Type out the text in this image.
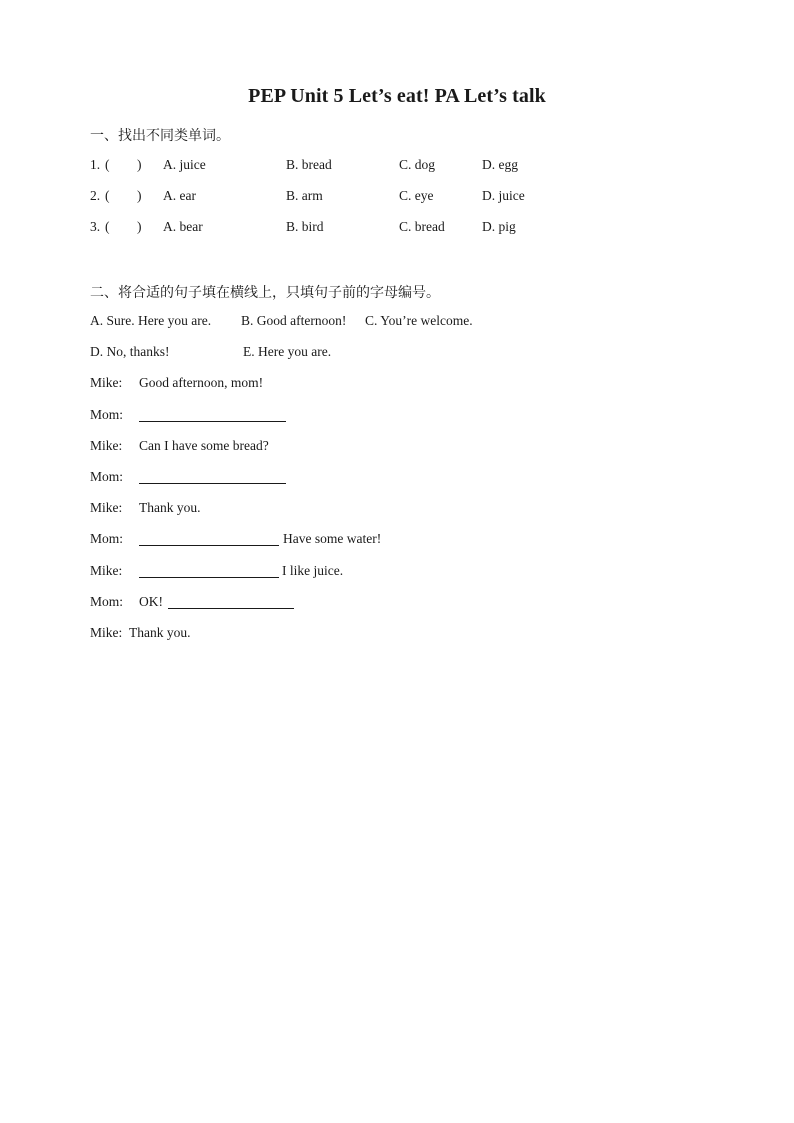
PEP Unit 5 Let’s eat! PA Let’s talk
一、找出不同类单词。
1. ( ) A. juice	B. bread	C. dog	D. egg
2. ( ) A. ear	B. arm	C. eye	D. juice
3. ( ) A. bear	B. bird	C. bread	D. pig
二、将合适的句子填在横线上，只填句子前的字母编号。
A. Sure. Here you are. B. Good afternoon! C. You’re welcome.
D. No, thanks!	E. Here you are.
Mike: Good afternoon, mom!
Mom:
Mike: Can I have some bread?
Mom:
Mike: Thank you.
Mom:	Have some water!
Mike:	I like juice.
Mom: OK!
Mike: Thank you.
